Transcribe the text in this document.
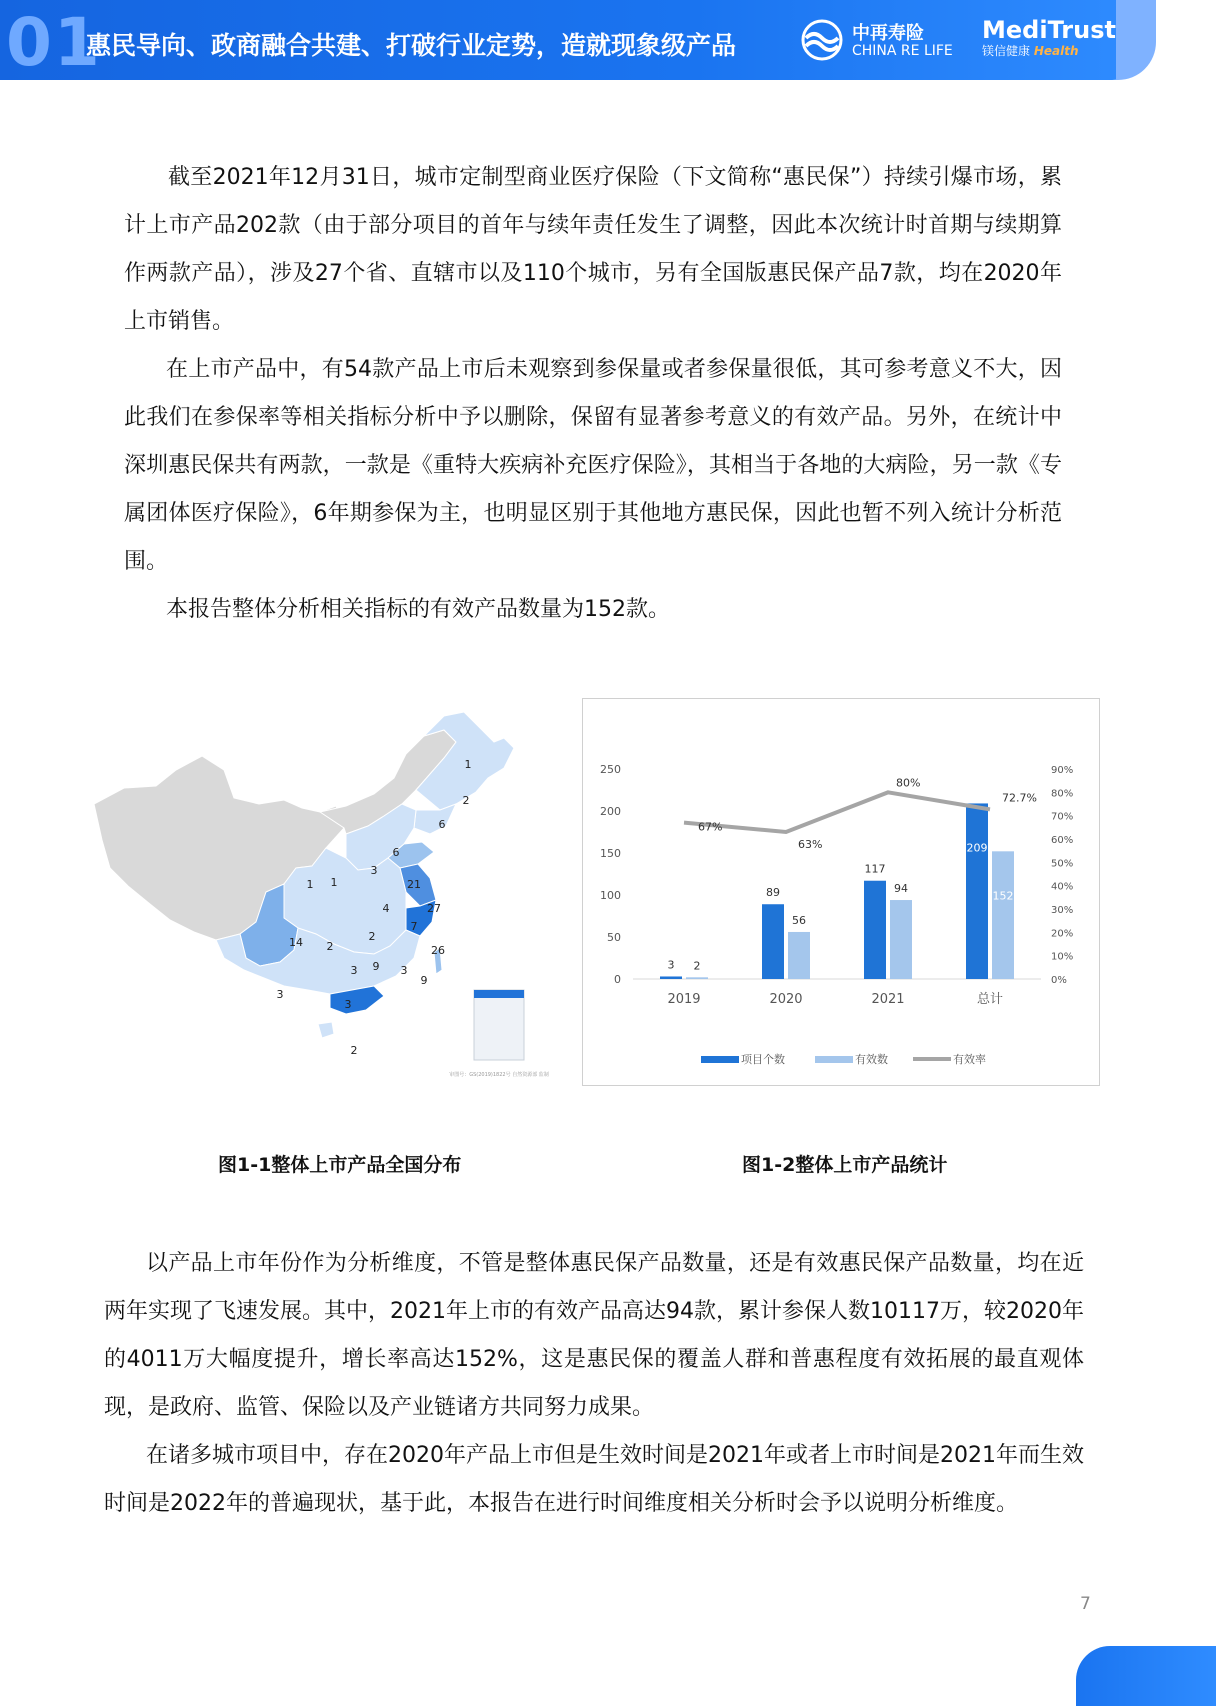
01
惠民导向、政商融合共建、打破行业定势，造就现象级产品	中再寿险
CHINA RE LIFE
MediTrust
镁信健康 Health
截至2021年12月31日，城市定制型商业医疗保险（下文简称“惠民保”）持续引爆市场，累计上市产品202款（由于部分项目的首年与续年责任发生了调整，因此本次统计时首期与续期算作两款产品），涉及27个省、直辖市以及110个城市，另有全国版惠民保产品7款，均在2020年上市销售。
在上市产品中，有54款产品上市后未观察到参保量或者参保量很低，其可参考意义不大，因此我们在参保率等相关指标分析中予以删除，保留有显著参考意义的有效产品。另外，在统计中深圳惠民保共有两款，一款是《重特大疾病补充医疗保险》，其相当于各地的大病险，另一款《专属团体医疗保险》，6年期参保为主，也明显区别于其他地方惠民保，因此也暂不列入统计分析范围。
本报告整体分析相关指标的有效产品数量为152款。
1
2
6
6
3
1 1	21
27
4
7
14 2
2
3 9 3
26
9
3
3 37
2
审图号：GS(2019)1822号 自然资源部 监制
0
50
100
150
200
250
0%
10%
20%
30%
40%
50%
60%
70%
80%
90%
2019
3 2
2020
89
56
2021
117
94
总计
209
152
67%
63%
80%
72.7%
项目个数	有效数	有效率
图1-1整体上市产品全国分布	图1-2整体上市产品统计
以产品上市年份作为分析维度，不管是整体惠民保产品数量，还是有效惠民保产品数量，均在近两年实现了飞速发展。其中，2021年上市的有效产品高达94款，累计参保人数10117万，较2020年的4011万大幅度提升，增长率高达152%，这是惠民保的覆盖人群和普惠程度有效拓展的最直观体现，是政府、监管、保险以及产业链诸方共同努力成果。
在诸多城市项目中，存在2020年产品上市但是生效时间是2021年或者上市时间是2021年而生效时间是2022年的普遍现状，基于此，本报告在进行时间维度相关分析时会予以说明分析维度。
7
